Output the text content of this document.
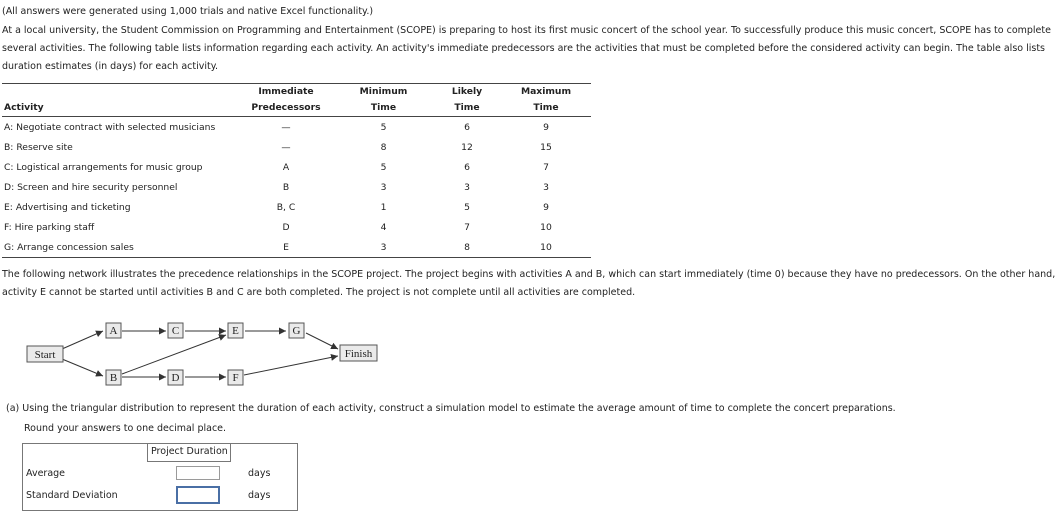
(All answers were generated using 1,000 trials and native Excel functionality.)
At a local university, the Student Commission on Programming and Entertainment (SCOPE) is preparing to host its first music concert of the school year. To successfully produce this music concert, SCOPE has to complete several activities. The following table lists information regarding each activity. An activity's immediate predecessors are the activities that must be completed before the considered activity can begin. The table also lists duration estimates (in days) for each activity.
	Immediate	Minimum	Likely	Maximum
Activity	Predecessors	Time	Time	Time
A: Negotiate contract with selected musicians	—	5	6	9
B: Reserve site	—	8	12	15
C: Logistical arrangements for music group	A	5	6	7
D: Screen and hire security personnel	B	3	3	3
E: Advertising and ticketing	B, C	1	5	9
F: Hire parking staff	D	4	7	10
G: Arrange concession sales	E	3	8	10
The following network illustrates the precedence relationships in the SCOPE project. The project begins with activities A and B, which can start immediately (time 0) because they have no predecessors. On the other hand, activity E cannot be started until activities B and C are both completed. The project is not complete until all activities are completed.
Start
A
B
C
D
E
F
G
Finish
(a) Using the triangular distribution to represent the duration of each activity, construct a simulation model to estimate the average amount of time to complete the concert preparations.
Round your answers to one decimal place.
Project Duration
Average	days
Standard Deviation	days
